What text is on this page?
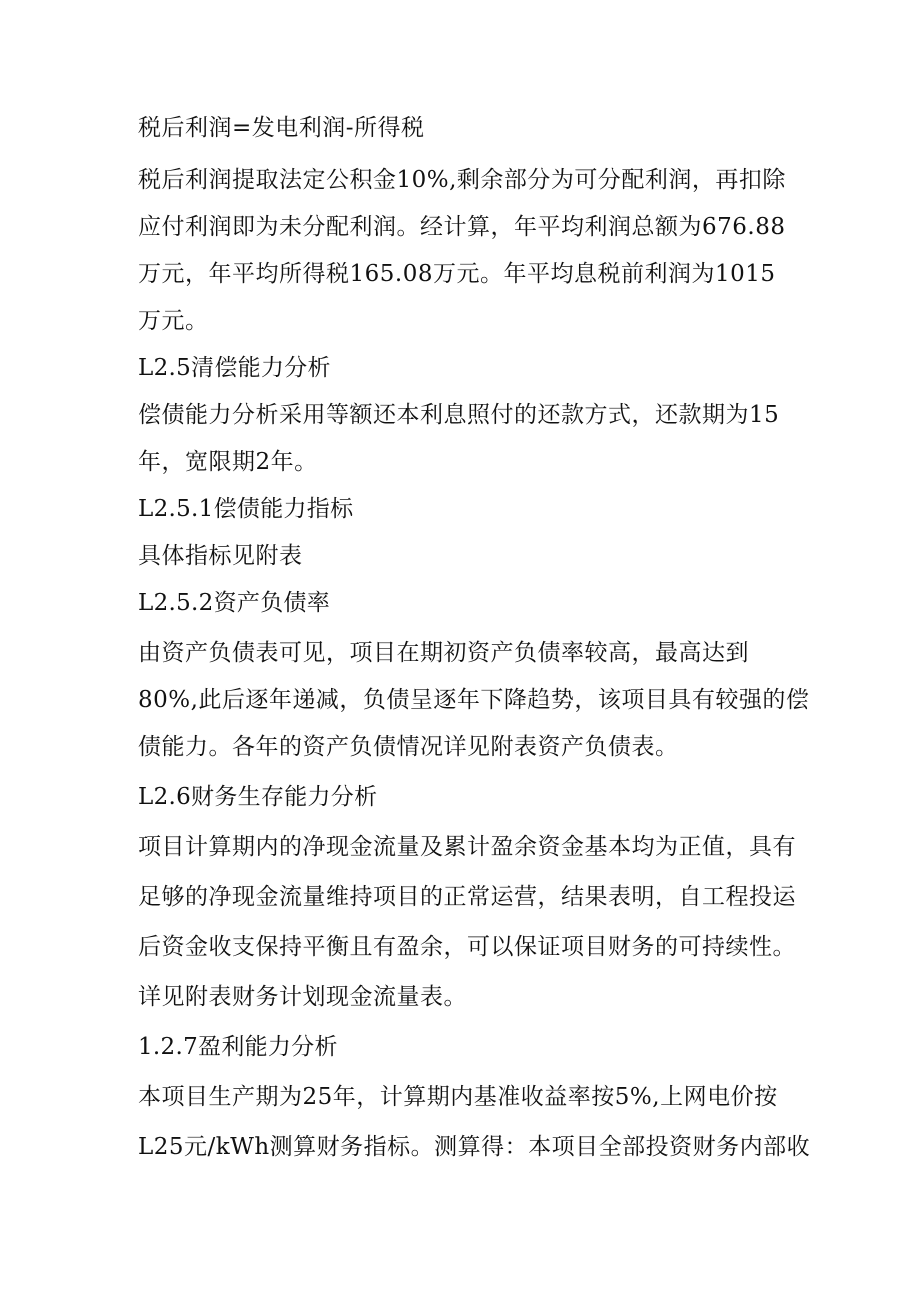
税后利润=发电利润-所得税
税后利润提取法定公积金10%,剩余部分为可分配利润，再扣除
应付利润即为未分配利润。经计算，年平均利润总额为676.88
万元，年平均所得税165.08万元。年平均息税前利润为1015
万元。
L2.5清偿能力分析
偿债能力分析采用等额还本利息照付的还款方式，还款期为15
年，宽限期2年。
L2.5.1偿债能力指标
具体指标见附表
L2.5.2资产负债率
由资产负债表可见，项目在期初资产负债率较高，最高达到
80%,此后逐年递减，负债呈逐年下降趋势，该项目具有较强的偿
债能力。各年的资产负债情况详见附表资产负债表。
L2.6财务生存能力分析
项目计算期内的净现金流量及累计盈余资金基本均为正值，具有
足够的净现金流量维持项目的正常运营，结果表明，自工程投运
后资金收支保持平衡且有盈余，可以保证项目财务的可持续性。
详见附表财务计划现金流量表。
1.2.7盈利能力分析
本项目生产期为25年，计算期内基准收益率按5%,上网电价按
L25元/kWh测算财务指标。测算得：本项目全部投资财务内部收
